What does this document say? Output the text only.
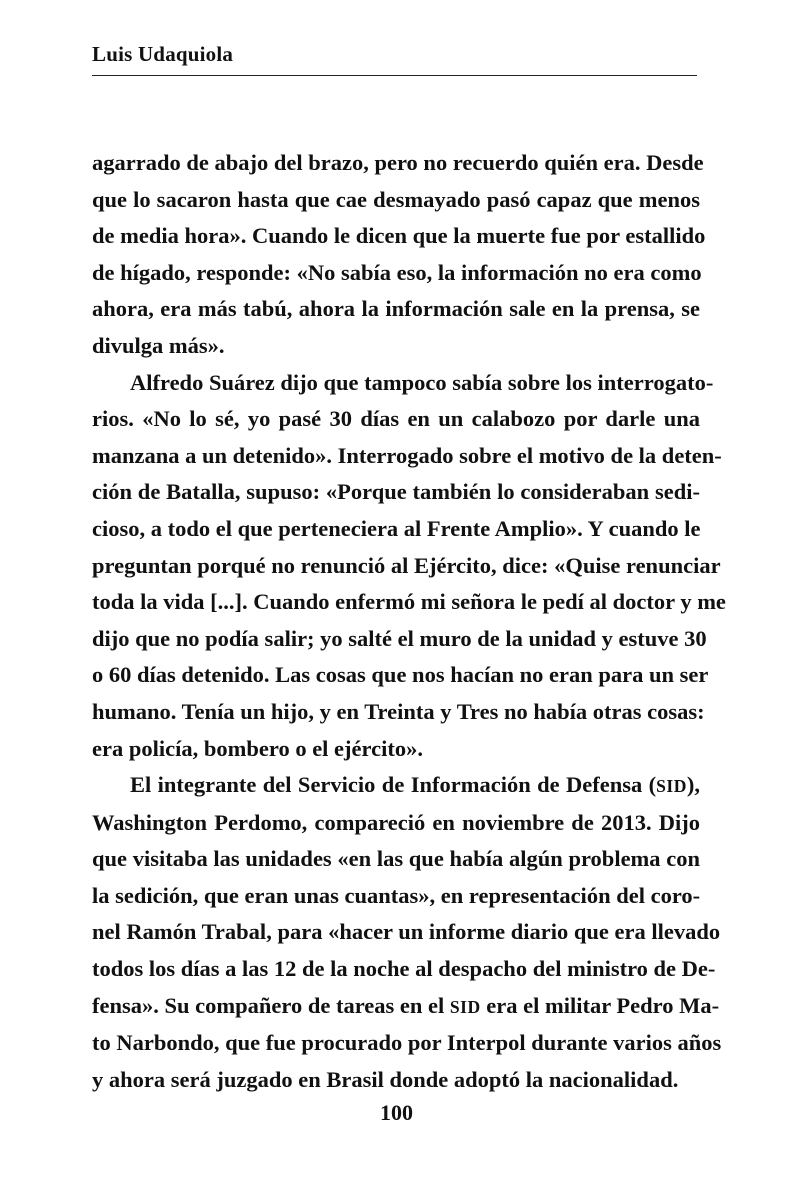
Luis Udaquiola

agarrado de abajo del brazo, pero no recuerdo quién era. Desde
que lo sacaron hasta que cae desmayado pasó capaz que menos
de media hora». Cuando le dicen que la muerte fue por estallido
de hígado, responde: «No sabía eso, la información no era como
ahora, era más tabú, ahora la información sale en la prensa, se
divulga más».

Alfredo Suárez dijo que tampoco sabía sobre los interrogato-
rios. «No lo sé, yo pasé 30 días en un calabozo por darle una
manzana a un detenido». Interrogado sobre el motivo de la deten-
ción de Batalla, supuso: «Porque también lo consideraban sedi-
cioso, a todo el que perteneciera al Frente Amplio». Y cuando le
preguntan porqué no renunció al Ejército, dice: «Quise renunciar
toda la vida [...]. Cuando enfermó mi señora le pedí al doctor y me
dijo que no podía salir; yo salté el muro de la unidad y estuve 30
o 60 días detenido. Las cosas que nos hacían no eran para un ser
humano. Tenía un hijo, y en Treinta y Tres no había otras cosas:
era policía, bombero o el ejército».

El integrante del Servicio de Información de Defensa (SID),
Washington Perdomo, compareció en noviembre de 2013. Dijo
que visitaba las unidades «en las que había algún problema con
la sedición, que eran unas cuantas», en representación del coro-
nel Ramón Trabal, para «hacer un informe diario que era llevado
todos los días a las 12 de la noche al despacho del ministro de De-
fensa». Su compañero de tareas en el SID era el militar Pedro Ma-
to Narbondo, que fue procurado por Interpol durante varios años
y ahora será juzgado en Brasil donde adoptó la nacionalidad.

100
